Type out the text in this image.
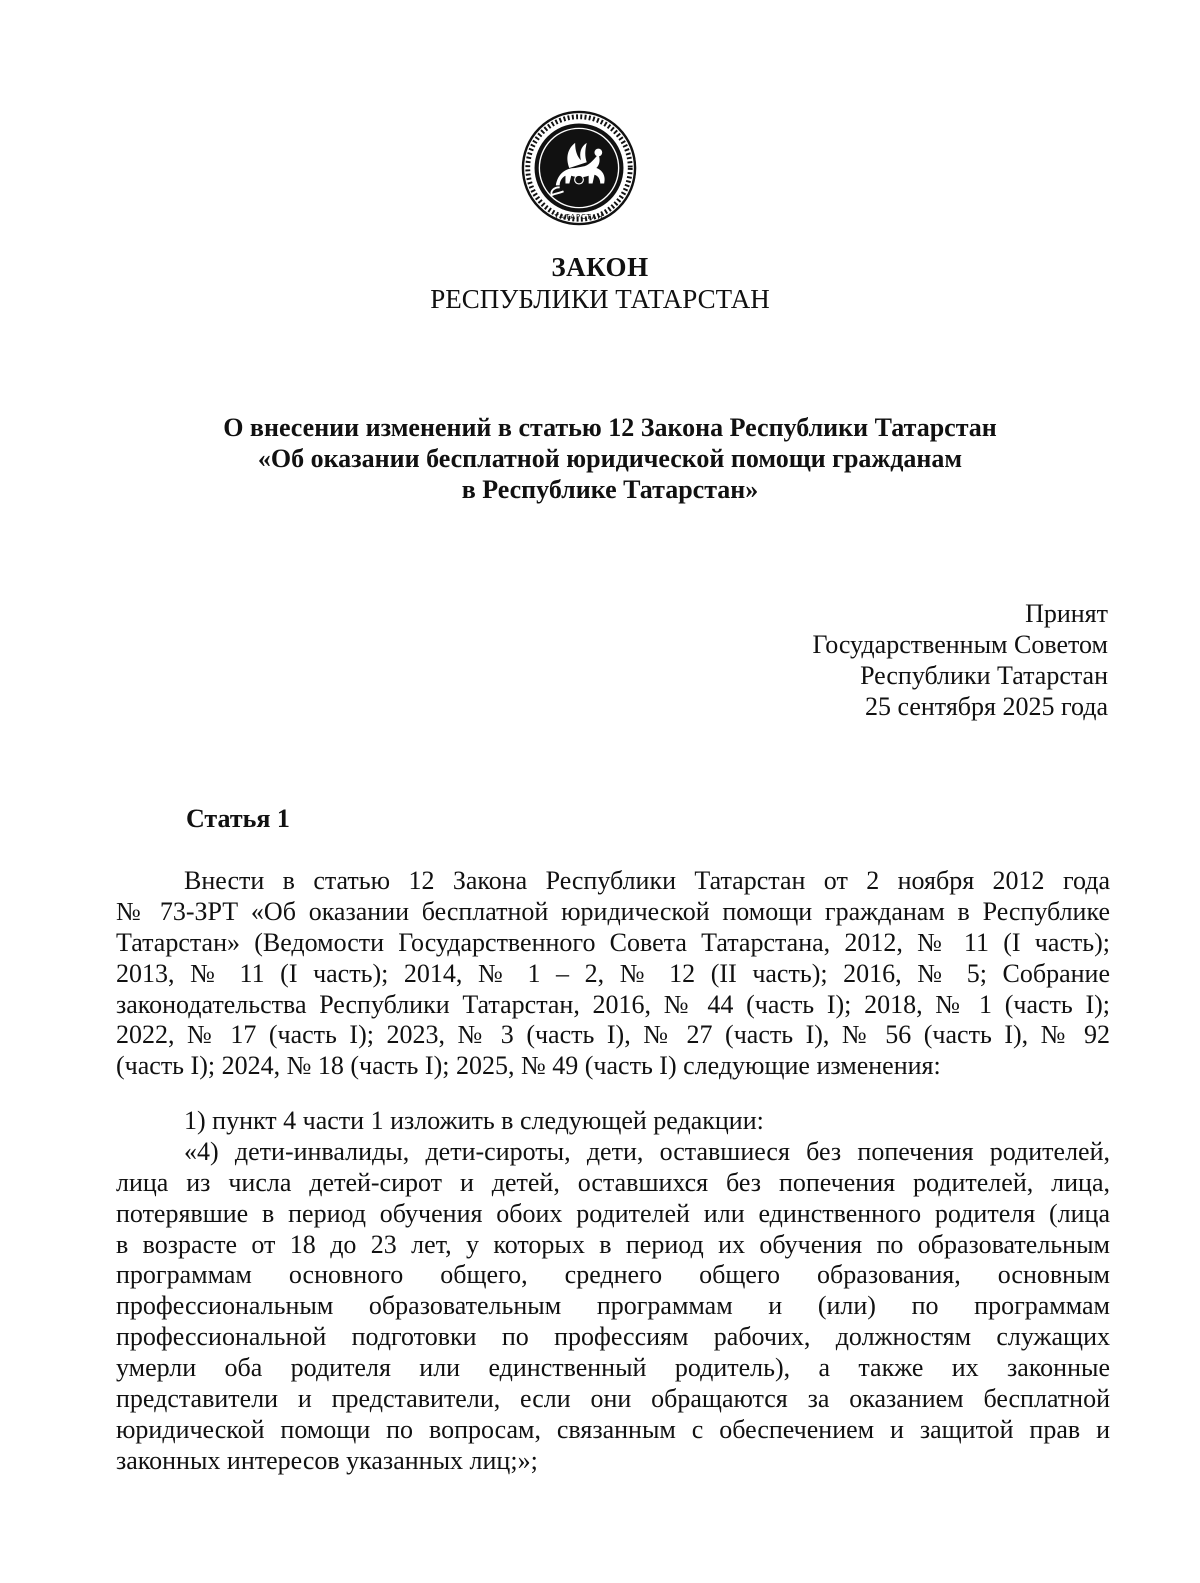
ТАТАРСТАН
ЗАКОН
РЕСПУБЛИКИ ТАТАРСТАН
О внесении изменений в статью 12 Закона Республики Татарстан
«Об оказании бесплатной юридической помощи гражданам
в Республике Татарстан»
Принят
Государственным Советом
Республики Татарстан
25 сентября 2025 года
Статья 1
Внести в статью 12 Закона Республики Татарстан от 2 ноября 2012 года
№ 73-ЗРТ «Об оказании бесплатной юридической помощи гражданам в Республике
Татарстан» (Ведомости Государственного Совета Татарстана, 2012, № 11 (I часть);
2013, № 11 (I часть); 2014, № 1 – 2, № 12 (II часть); 2016, № 5; Собрание
законодательства Республики Татарстан, 2016, № 44 (часть I); 2018, № 1 (часть I);
2022, № 17 (часть I); 2023, № 3 (часть I), № 27 (часть I), № 56 (часть I), № 92
(часть I); 2024, № 18 (часть I); 2025, № 49 (часть I) следующие изменения:
1) пункт 4 части 1 изложить в следующей редакции:
«4) дети-инвалиды, дети-сироты, дети, оставшиеся без попечения родителей,
лица из числа детей-сирот и детей, оставшихся без попечения родителей, лица,
потерявшие в период обучения обоих родителей или единственного родителя (лица
в возрасте от 18 до 23 лет, у которых в период их обучения по образовательным
программам основного общего, среднего общего образования, основным
профессиональным образовательным программам и (или) по программам
профессиональной подготовки по профессиям рабочих, должностям служащих
умерли оба родителя или единственный родитель), а также их законные
представители и представители, если они обращаются за оказанием бесплатной
юридической помощи по вопросам, связанным с обеспечением и защитой прав и
законных интересов указанных лиц;»;
